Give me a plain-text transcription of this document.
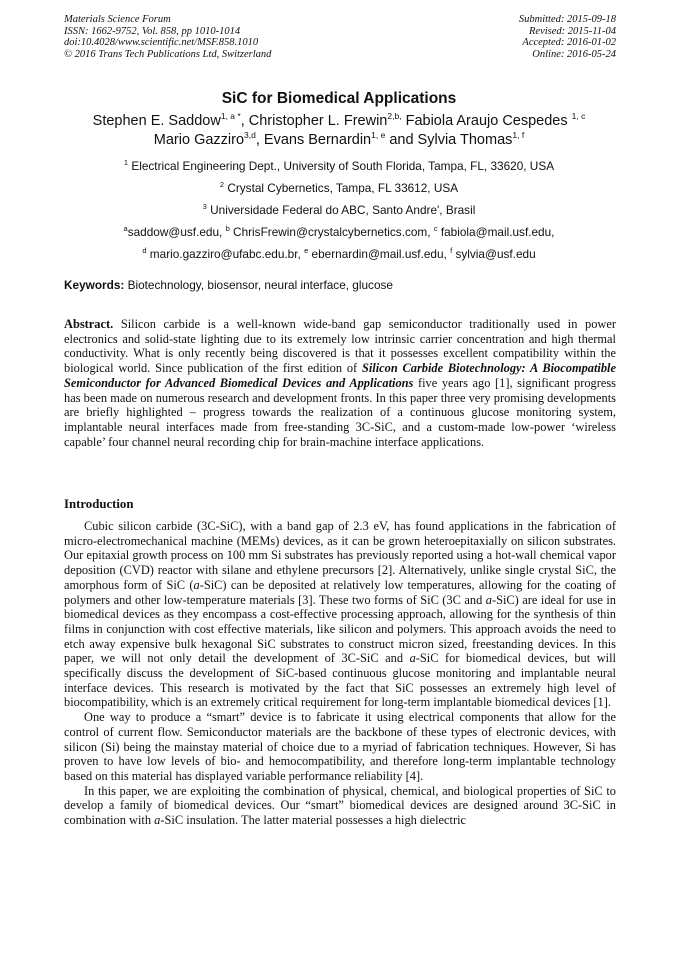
Materials Science Forum
ISSN: 1662-9752, Vol. 858, pp 1010-1014
doi:10.4028/www.scientific.net/MSF.858.1010
© 2016 Trans Tech Publications Ltd, Switzerland
Submitted: 2015-09-18
Revised: 2015-11-04
Accepted: 2016-01-02
Online: 2016-05-24
SiC for Biomedical Applications
Stephen E. Saddow$^{1, a *}$, Christopher L. Frewin$^{2,b,}$ Fabiola Araujo Cespedes $^{1, c}$
Mario Gazziro$^{3,d}$, Evans Bernardin$^{1, e}$ and Sylvia Thomas$^{1, f}$
$^1$ Electrical Engineering Dept., University of South Florida, Tampa, FL, 33620, USA
$^2$ Crystal Cybernetics, Tampa, FL 33612, USA
$^3$ Universidade Federal do ABC, Santo Andre', Brasil
$^a$saddow@usf.edu, $^b$ ChrisFrewin@crystalcybernetics.com, $^c$ fabiola@mail.usf.edu,
$^d$ mario.gazziro@ufabc.edu.br, $^e$ ebernardin@mail.usf.edu, $^f$ sylvia@usf.edu
Keywords: Biotechnology, biosensor, neural interface, glucose
Abstract. Silicon carbide is a well-known wide-band gap semiconductor traditionally used in power electronics and solid-state lighting due to its extremely low intrinsic carrier concentration and high thermal conductivity. What is only recently being discovered is that it possesses excellent compatibility within the biological world. Since publication of the first edition of Silicon Carbide Biotechnology: A Biocompatible Semiconductor for Advanced Biomedical Devices and Applications five years ago [1], significant progress has been made on numerous research and development fronts. In this paper three very promising developments are briefly highlighted – progress towards the realization of a continuous glucose monitoring system, implantable neural interfaces made from free-standing 3C-SiC, and a custom-made low-power ‘wireless capable’ four channel neural recording chip for brain-machine interface applications.
Introduction

Cubic silicon carbide (3C-SiC), with a band gap of 2.3 eV, has found applications in the fabrication of micro-electromechanical machine (MEMs) devices, as it can be grown heteroepitaxially on silicon substrates. Our epitaxial growth process on 100 mm Si substrates has previously reported using a hot-wall chemical vapor deposition (CVD) reactor with silane and ethylene precursors [2]. Alternatively, unlike single crystal SiC, the amorphous form of SiC (a-SiC) can be deposited at relatively low temperatures, allowing for the coating of polymers and other low-temperature materials [3]. These two forms of SiC (3C and a-SiC) are ideal for use in biomedical devices as they encompass a cost-effective processing approach, allowing for the synthesis of thin films in conjunction with cost effective materials, like silicon and polymers. This approach avoids the need to etch away expensive bulk hexagonal SiC substrates to construct micron sized, freestanding devices. In this paper, we will not only detail the development of 3C-SiC and a-SiC for biomedical devices, but will specifically discuss the development of SiC-based continuous glucose monitoring and implantable neural interface devices. This research is motivated by the fact that SiC possesses an extremely high level of biocompatibility, which is an extremely critical requirement for long-term implantable biomedical devices [1].

One way to produce a “smart” device is to fabricate it using electrical components that allow for the control of current flow. Semiconductor materials are the backbone of these types of electronic devices, with silicon (Si) being the mainstay material of choice due to a myriad of fabrication techniques. However, Si has proven to have low levels of bio- and hemocompatibility, and therefore long-term implantable technology based on this material has displayed variable performance reliability [4].

In this paper, we are exploiting the combination of physical, chemical, and biological properties of SiC to develop a family of biomedical devices. Our “smart” biomedical devices are designed around 3C-SiC in combination with a-SiC insulation. The latter material possesses a high dielectric
